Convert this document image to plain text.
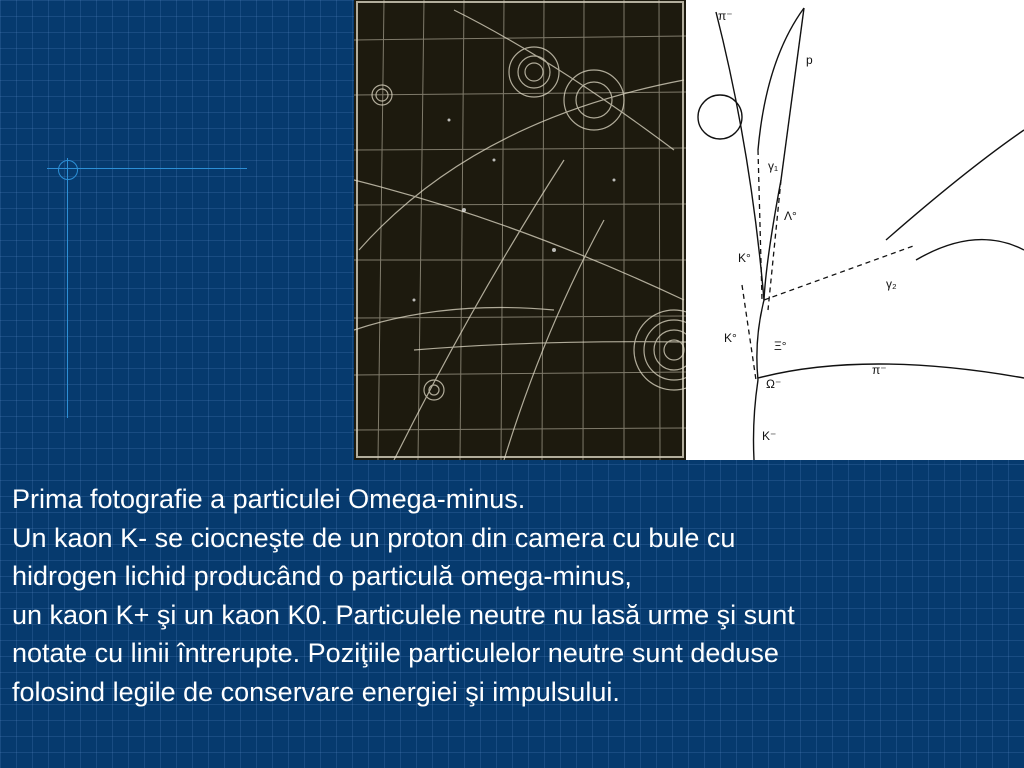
π⁻
p
γ₁
Λ°
K°
γ₂
K°
Ξ°
Ω⁻
π⁻
K⁻
Prima fotografie a particulei Omega-minus.
Un kaon K- se ciocneşte de un proton din camera cu bule cu
hidrogen lichid producând o particulă omega-minus,
un kaon K+ şi un kaon K0. Particulele neutre nu lasă urme şi sunt
notate cu linii întrerupte. Poziţiile particulelor neutre sunt deduse
folosind legile de conservare energiei şi impulsului.
